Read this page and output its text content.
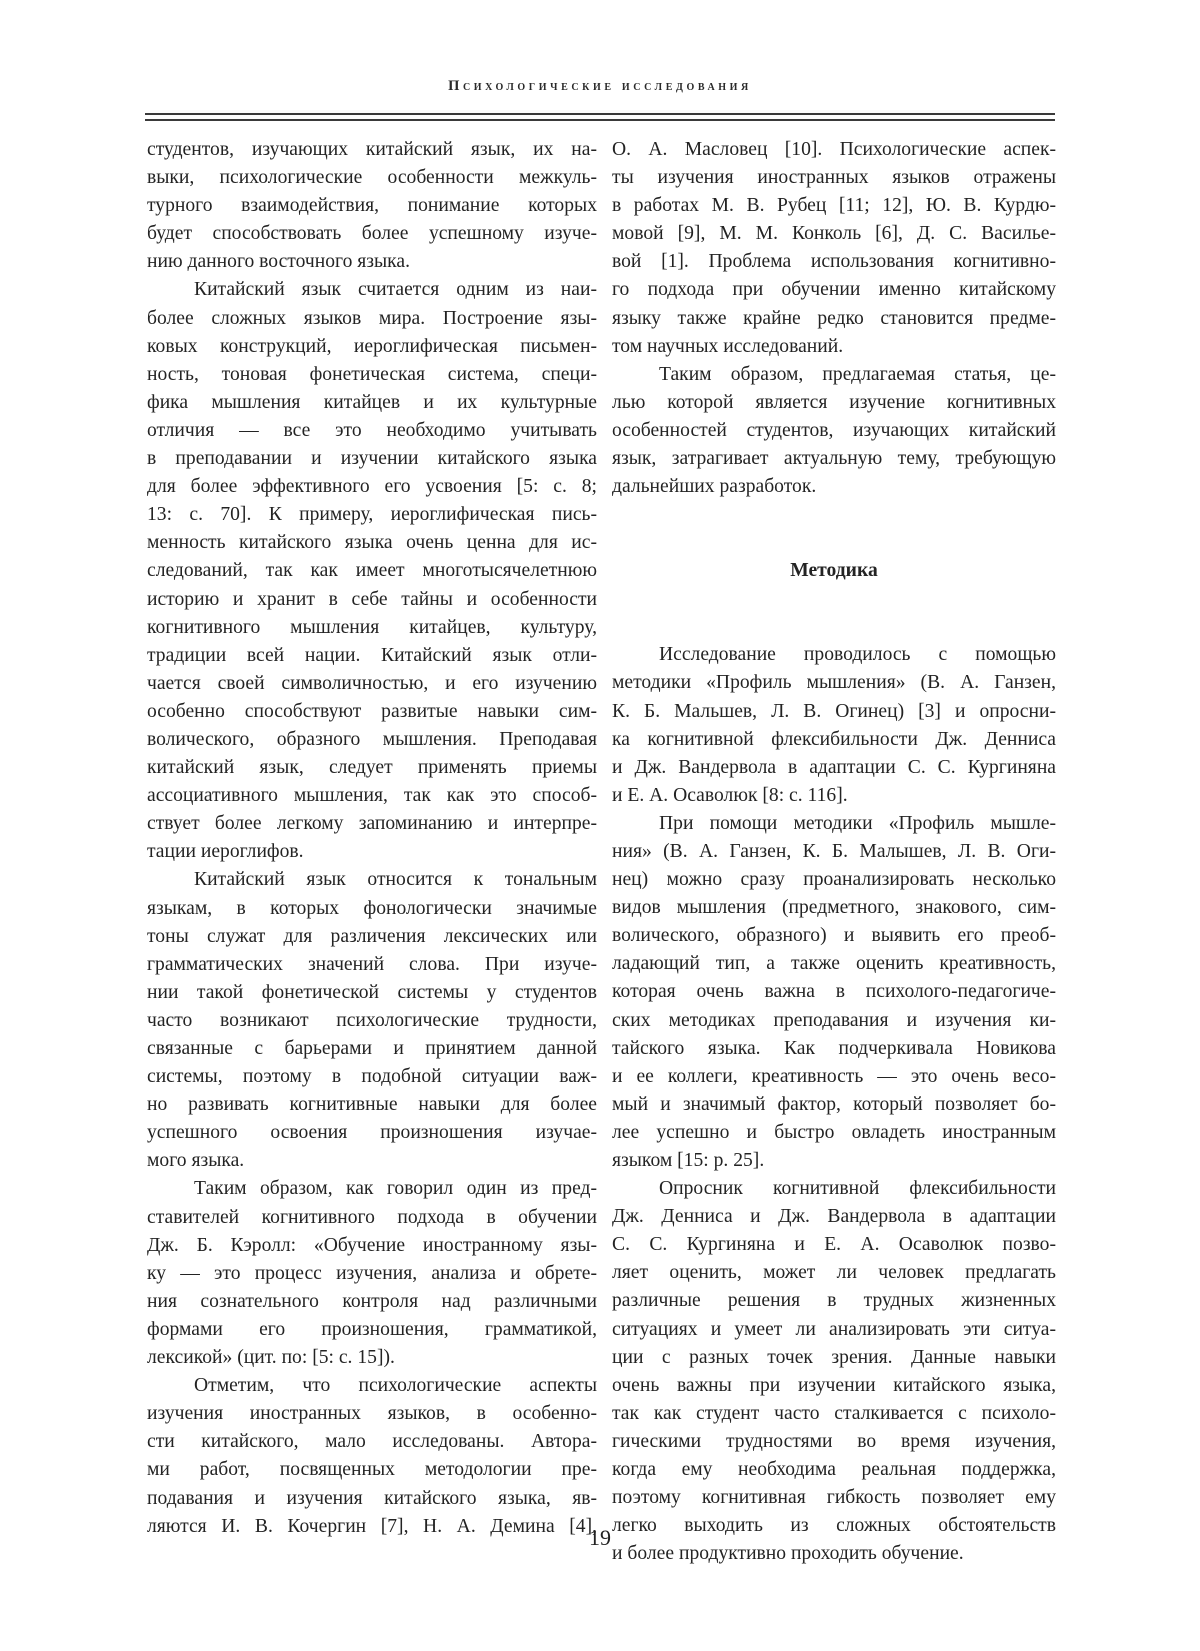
Психологические исследования
студентов, изучающих китайский язык, их на-
выки, психологические особенности межкуль-
турного взаимодействия, понимание которых
будет способствовать более успешному изуче-
нию данного восточного языка.
Китайский язык считается одним из наи-
более сложных языков мира. Построение язы-
ковых конструкций, иероглифическая письмен-
ность, тоновая фонетическая система, специ-
фика мышления китайцев и их культурные
отличия — все это необходимо учитывать
в преподавании и изучении китайского языка
для более эффективного его усвоения [5: с. 8;
13: с. 70]. К примеру, иероглифическая пись-
менность китайского языка очень ценна для ис-
следований, так как имеет многотысячелетнюю
историю и хранит в себе тайны и особенности
когнитивного мышления китайцев, культуру,
традиции всей нации. Китайский язык отли-
чается своей символичностью, и его изучению
особенно способствуют развитые навыки сим-
волического, образного мышления. Преподавая
китайский язык, следует применять приемы
ассоциативного мышления, так как это способ-
ствует более легкому запоминанию и интерпре-
тации иероглифов.
Китайский язык относится к тональным
языкам, в которых фонологически значимые
тоны служат для различения лексических или
грамматических значений слова. При изуче-
нии такой фонетической системы у студентов
часто возникают психологические трудности,
связанные с барьерами и принятием данной
системы, поэтому в подобной ситуации важ-
но развивать когнитивные навыки для более
успешного освоения произношения изучае-
мого языка.
Таким образом, как говорил один из пред-
ставителей когнитивного подхода в обучении
Дж. Б. Кэролл: «Обучение иностранному язы-
ку — это процесс изучения, анализа и обрете-
ния сознательного контроля над различными
формами его произношения, грамматикой,
лексикой» (цит. по: [5: с. 15]).
Отметим, что психологические аспекты
изучения иностранных языков, в особенно-
сти китайского, мало исследованы. Автора-
ми работ, посвященных методологии пре-
подавания и изучения китайского языка, яв-
ляются И. В. Кочергин [7], Н. А. Демина [4],
О. А. Масловец [10]. Психологические аспек-
ты изучения иностранных языков отражены
в работах М. В. Рубец [11; 12], Ю. В. Курдю-
мовой [9], М. М. Конколь [6], Д. С. Василье-
вой [1]. Проблема использования когнитивно-
го подхода при обучении именно китайскому
языку также крайне редко становится предме-
том научных исследований.
Таким образом, предлагаемая статья, це-
лью которой является изучение когнитивных
особенностей студентов, изучающих китайский
язык, затрагивает актуальную тему, требующую
дальнейших разработок.
Методика
Исследование проводилось с помощью
методики «Профиль мышления» (В. А. Ганзен,
К. Б. Мальшев, Л. В. Огинец) [3] и опросни-
ка когнитивной флексибильности Дж. Денниса
и Дж. Вандервола в адаптации С. С. Кургиняна
и Е. А. Осаволюк [8: с. 116].
При помощи методики «Профиль мышле-
ния» (В. А. Ганзен, К. Б. Малышев, Л. В. Оги-
нец) можно сразу проанализировать несколько
видов мышления (предметного, знакового, сим-
волического, образного) и выявить его преоб-
ладающий тип, а также оценить креативность,
которая очень важна в психолого-педагогиче-
ских методиках преподавания и изучения ки-
тайского языка. Как подчеркивала Новикова
и ее коллеги, креативность — это очень весо-
мый и значимый фактор, который позволяет бо-
лее успешно и быстро овладеть иностранным
языком [15: p. 25].
Опросник когнитивной флексибильности
Дж. Денниса и Дж. Вандервола в адаптации
С. С. Кургиняна и Е. А. Осаволюк позво-
ляет оценить, может ли человек предлагать
различные решения в трудных жизненных
ситуациях и умеет ли анализировать эти ситуа-
ции с разных точек зрения. Данные навыки
очень важны при изучении китайского языка,
так как студент часто сталкивается с психоло-
гическими трудностями во время изучения,
когда ему необходима реальная поддержка,
поэтому когнитивная гибкость позволяет ему
легко выходить из сложных обстоятельств
и более продуктивно проходить обучение.
19
